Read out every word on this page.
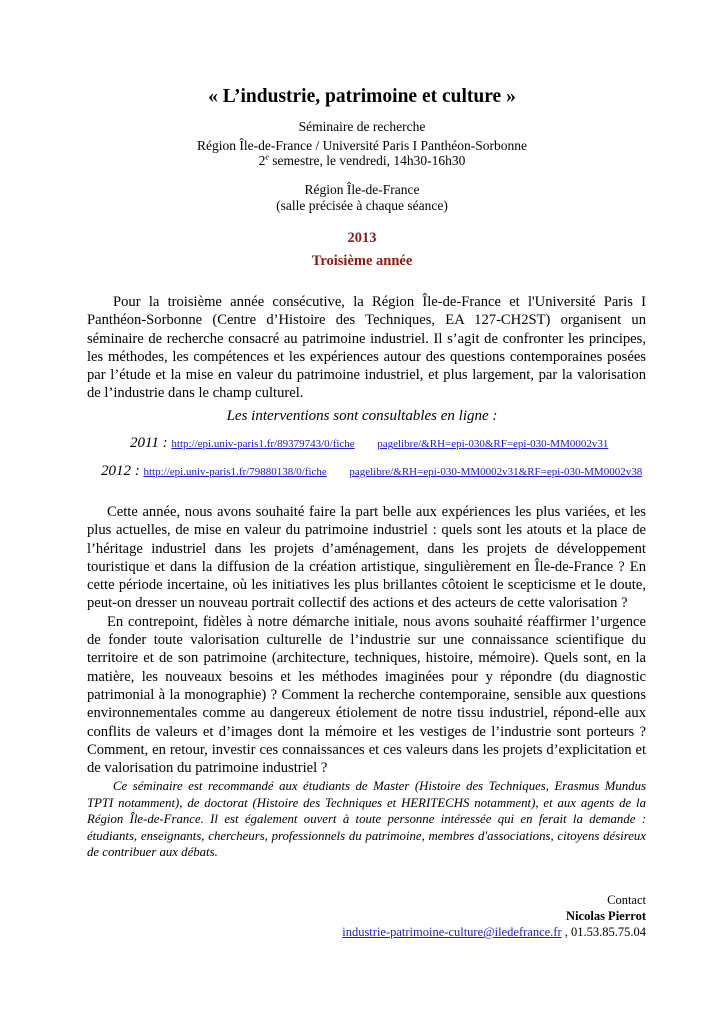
« L’industrie, patrimoine et culture »
Séminaire de recherche
Région Île-de-France / Université Paris I Panthéon-Sorbonne
2e semestre, le vendredi, 14h30-16h30
Région Île-de-France
(salle précisée à chaque séance)
2013
Troisième année

Pour la troisième année consécutive, la Région Île-de-France et l'Université Paris I Panthéon-Sorbonne (Centre d’Histoire des Techniques, EA 127-CH2ST) organisent un séminaire de recherche consacré au patrimoine industriel. Il s’agit de confronter les principes, les méthodes, les compétences et les expériences autour des questions contemporaines posées par l’étude et la mise en valeur du patrimoine industriel, et plus largement, par la valorisation de l’industrie dans le champ culturel.

Les interventions sont consultables en ligne :
2011 : http://epi.univ-paris1.fr/89379743/0/fiche pagelibre/&RH=epi-030&RF=epi-030-MM0002v31
2012 : http://epi.univ-paris1.fr/79880138/0/fiche pagelibre/&RH=epi-030-MM0002v31&RF=epi-030-MM0002v38

Cette année, nous avons souhaité faire la part belle aux expériences les plus variées, et les plus actuelles, de mise en valeur du patrimoine industriel : quels sont les atouts et la place de l’héritage industriel dans les projets d’aménagement, dans les projets de développement touristique et dans la diffusion de la création artistique, singulièrement en Île-de-France ? En cette période incertaine, où les initiatives les plus brillantes côtoient le scepticisme et le doute, peut-on dresser un nouveau portrait collectif des actions et des acteurs de cette valorisation ?

En contrepoint, fidèles à notre démarche initiale, nous avons souhaité réaffirmer l’urgence de fonder toute valorisation culturelle de l’industrie sur une connaissance scientifique du territoire et de son patrimoine (architecture, techniques, histoire, mémoire). Quels sont, en la matière, les nouveaux besoins et les méthodes imaginées pour y répondre (du diagnostic patrimonial à la monographie) ? Comment la recherche contemporaine, sensible aux questions environnementales comme au dangereux étiolement de notre tissu industriel, répond-elle aux conflits de valeurs et d’images dont la mémoire et les vestiges de l’industrie sont porteurs ? Comment, en retour, investir ces connaissances et ces valeurs dans les projets d’explicitation et de valorisation du patrimoine industriel ?

Ce séminaire est recommandé aux étudiants de Master (Histoire des Techniques, Erasmus Mundus TPTI notamment), de doctorat (Histoire des Techniques et HERITECHS notamment), et aux agents de la Région Île-de-France. Il est également ouvert à toute personne intéressée qui en ferait la demande : étudiants, enseignants, chercheurs, professionnels du patrimoine, membres d'associations, citoyens désireux de contribuer aux débats.

Contact
Nicolas Pierrot
industrie-patrimoine-culture@iledefrance.fr , 01.53.85.75.04
